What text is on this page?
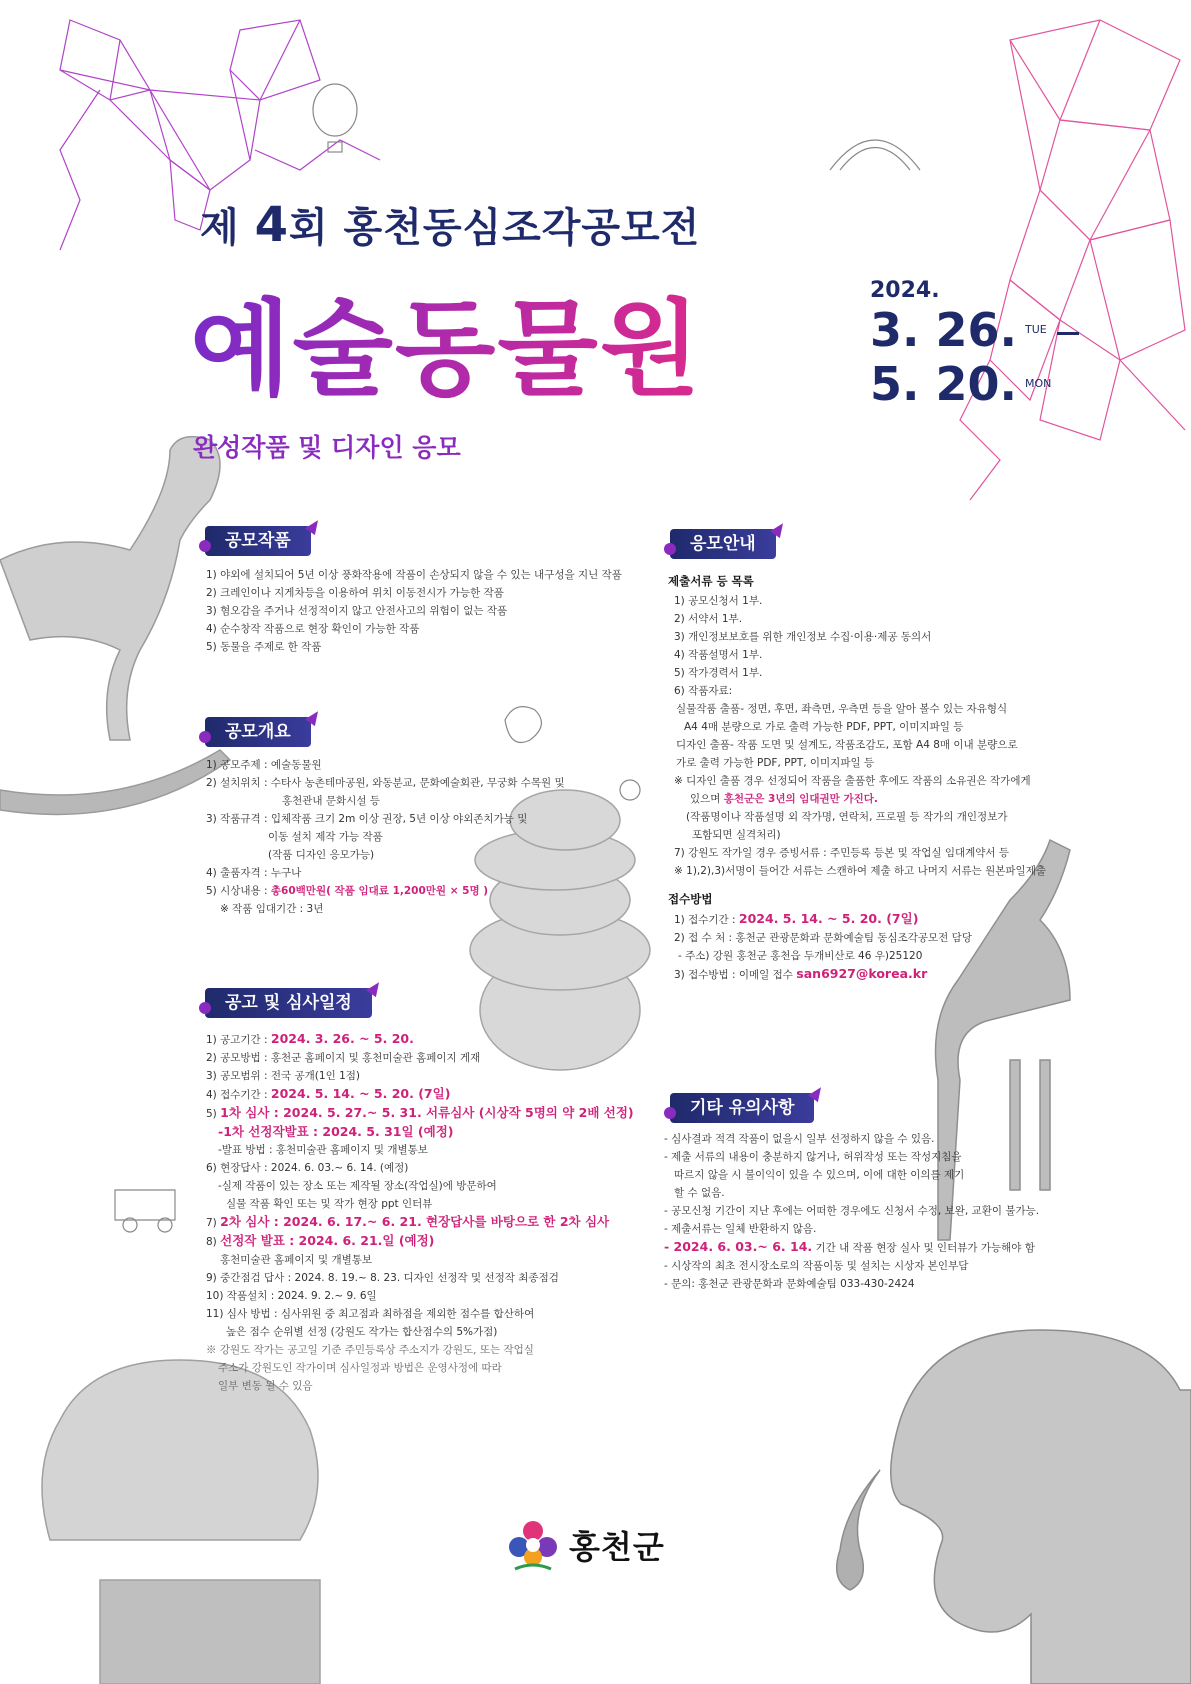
제 4회 홍천동심조각공모전
예술동물원	2024.
3. 26. $^{TUE}$
5. 20. $^{MON}$
완성작품 및 디자인 응모
공모작품
1) 야외에 설치되어 5년 이상 풍화작용에 작품이 손상되지 않을 수 있는 내구성을 지닌 작품
2) 크레인이나 지게차등을 이용하여 위치 이동전시가 가능한 작품
3) 혐오감을 주거나 선정적이지 않고 안전사고의 위험이 없는 작품
4) 순수창작 작품으로 현장 확인이 가능한 작품
5) 동물을 주제로 한 작품
공모개요
1) 공모주제 : 예술동물원
2) 설치위치 : 수타사 농촌테마공원, 와동분교, 문화예술회관, 무궁화 수목원 및
홍천관내 문화시설 등
3) 작품규격 : 입체작품 크기 2m 이상 권장, 5년 이상 야외존치가능 및
이동 설치 제작 가능 작품
(작품 디자인 응모가능)
4) 출품자격 : 누구나
5) 시상내용 : 총60백만원( 작품 임대료 1,200만원 × 5명 )
※ 작품 임대기간 : 3년
공고 및 심사일정
1) 공고기간 : 2024. 3. 26. ~ 5. 20.
2) 공모방법 : 홍천군 홈페이지 및 홍천미술관 홈페이지 게재
3) 공모범위 : 전국 공개(1인 1점)
4) 접수기간 : 2024. 5. 14. ~ 5. 20. (7일)
5) 1차 심사 : 2024. 5. 27.~ 5. 31. 서류심사 (시상작 5명의 약 2배 선정)
-1차 선정작발표 : 2024. 5. 31일 (예정)
-발표 방법 : 홍천미술관 홈페이지 및 개별통보
6) 현장답사 : 2024. 6. 03.~ 6. 14. (예정)
-실제 작품이 있는 장소 또는 제작될 장소(작업실)에 방문하여
실물 작품 확인 또는 및 작가 현장 ppt 인터뷰
7) 2차 심사 : 2024. 6. 17.~ 6. 21. 현장답사를 바탕으로 한 2차 심사
8) 선정작 발표 : 2024. 6. 21.일 (예정)
홍천미술관 홈페이지 및 개별통보
9) 중간점검 답사 : 2024. 8. 19.~ 8. 23. 디자인 선정작 및 선정작 최종점검
10) 작품설치 : 2024. 9. 2.~ 9. 6일
11) 심사 방법 : 심사위원 중 최고점과 최하점을 제외한 점수를 합산하여
높은 점수 순위별 선정 (강원도 작가는 합산점수의 5%가점)
※ 강원도 작가는 공고일 기준 주민등록상 주소지가 강원도, 또는 작업실
주소가 강원도인 작가이며 심사일정과 방법은 운영사정에 따라
일부 변동 될 수 있음
응모안내
제출서류 등 목록
1) 공모신청서 1부.
2) 서약서 1부.
3) 개인정보보호를 위한 개인정보 수집·이용·제공 동의서
4) 작품설명서 1부.
5) 작가경력서 1부.
6) 작품자료:
실물작품 출품- 정면, 후면, 좌측면, 우측면 등을 알아 볼수 있는 자유형식
A4 4매 분량으로 가로 출력 가능한 PDF, PPT, 이미지파일 등
디자인 출품- 작품 도면 및 설계도, 작품조감도, 포함 A4 8매 이내 분량으로
가로 출력 가능한 PDF, PPT, 이미지파일 등
※ 디자인 출품 경우 선정되어 작품을 출품한 후에도 작품의 소유권은 작가에게
있으며 홍천군은 3년의 임대권만 가진다.
(작품명이나 작품설명 외 작가명, 연락처, 프로필 등 작가의 개인정보가
포함되면 실격처리)
7) 강원도 작가일 경우 증빙서류 : 주민등록 등본 및 작업실 임대계약서 등
※ 1),2),3)서명이 들어간 서류는 스캔하여 제출 하고 나머지 서류는 원본파일제출
접수방법
1) 접수기간 : 2024. 5. 14. ~ 5. 20. (7일)
2) 접 수 처 : 홍천군 관광문화과 문화예술팀 동심조각공모전 담당
- 주소) 강원 홍천군 홍천읍 두개비산로 46 우)25120
3) 접수방법 : 이메일 접수 san6927@korea.kr
기타 유의사항
- 심사결과 적격 작품이 없을시 일부 선정하지 않을 수 있음.
- 제출 서류의 내용이 충분하지 않거나, 허위작성 또는 작성지침을
따르지 않을 시 불이익이 있을 수 있으며, 이에 대한 이의를 제기
할 수 없음.
- 공모신청 기간이 지난 후에는 어떠한 경우에도 신청서 수정, 보완, 교환이 불가능.
- 제출서류는 일체 반환하지 않음.
- 2024. 6. 03.~ 6. 14. 기간 내 작품 현장 실사 및 인터뷰가 가능해야 함
- 시상작의 최초 전시장소로의 작품이동 및 설치는 시상자 본인부담
- 문의: 홍천군 관광문화과 문화예술팀 033-430-2424
홍천군
